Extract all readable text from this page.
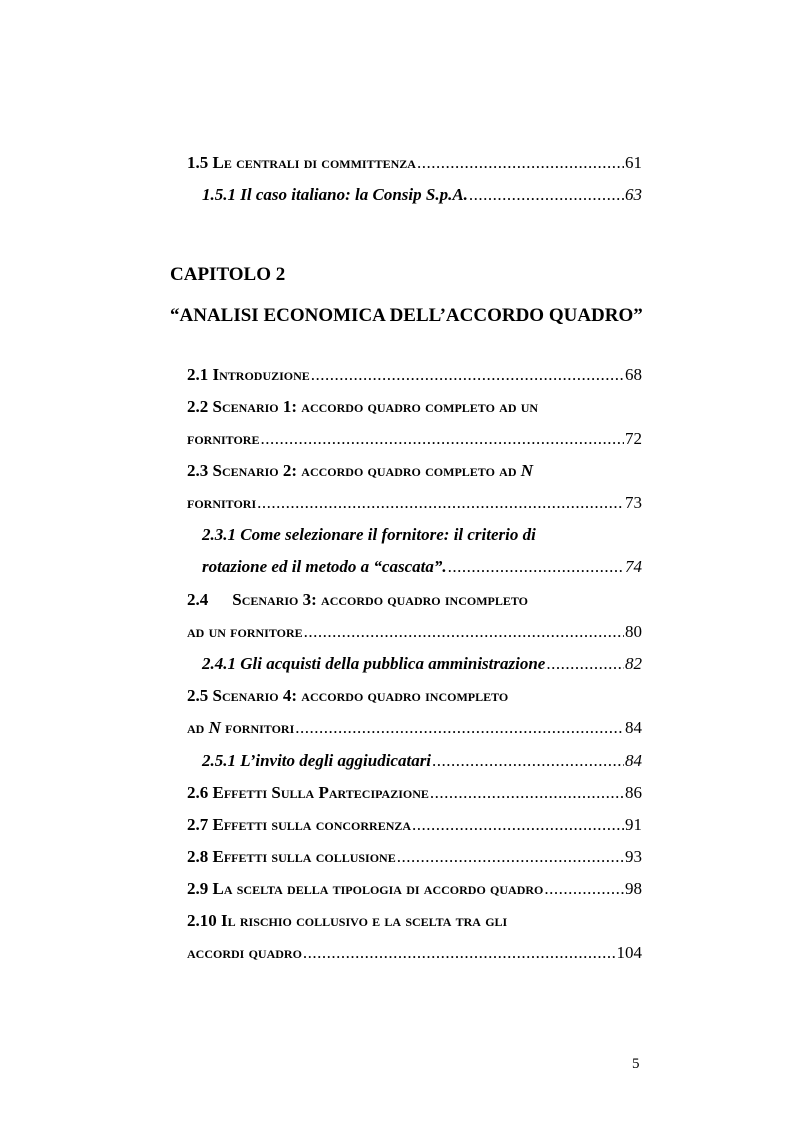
1.5
Le centrali di committenza .....	61
1.5.1
Il caso italiano: la Consip S.p.A. .....	63
CAPITOLO 2
“ANALISI ECONOMICA DELL’ACCORDO QUADRO”
2.1
Introduzione .....	68
2.2
Scenario 1:
accordo quadro completo ad un
fornitore .....	72
2.3
Scenario 2:
accordo quadro completo ad
N
fornitori .....	73
2.3.1 Come selezionare il fornitore: il criterio di
rotazione ed il metodo a “cascata”. .....	74
2.4 Scenario 3:
accordo quadro incompleto
ad un fornitore .....	80
2.4.1 Gli acquisti della pubblica amministrazione .....	82
2.5
Scenario 4:
accordo quadro incompleto
ad
N
fornitori .....	84
2.5.1 L’invito degli aggiudicatari .....	84
2.6
Effetti Sulla Partecipazione .....	86
2.7
Effetti sulla concorrenza .....	91
2.8
Effetti sulla collusione .....	93
2.9
La scelta della tipologia di accordo quadro .....	98
2.10
Il rischio collusivo e la scelta tra gli
accordi quadro .....	104
5
